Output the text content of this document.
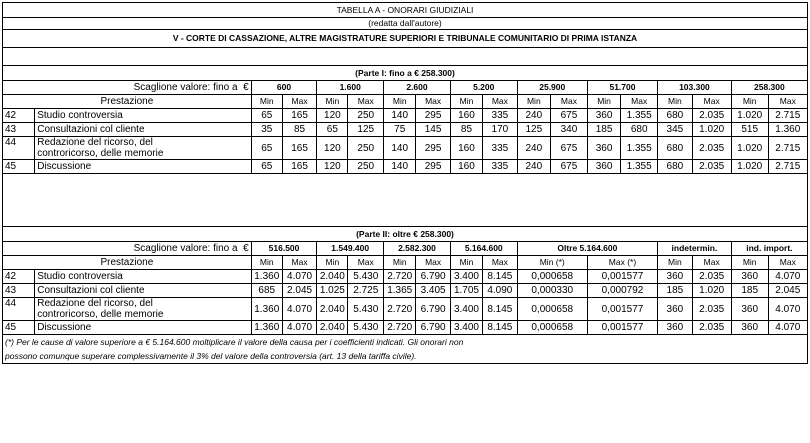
TABELLA A - ONORARI GIUDIZIALI																	
(redatta dall'autore)																	
V - CORTE DI CASSAZIONE, ALTRE MAGISTRATURE SUPERIORI E TRIBUNALE COMUNITARIO DI PRIMA ISTANZA																	

(Parte I: fino a € 258.300)																	
Scaglione valore: fino a €		600		1.600		2.600		5.200		25.900		51.700		103.300		258.300	
Prestazione		Min	Max	Min	Max	Min	Max	Min	Max	Min	Max	Min	Max	Min	Max	Min	Max
42	Studio controversia	65	165	120	250	140	295	160	335	240	675	360	1.355	680	2.035	1.020	2.715
43	Consultazioni col cliente	35	85	65	125	75	145	85	170	125	340	185	680	345	1.020	515	1.360
44	Redazione del ricorso, del
controricorso, delle memorie	65	165	120	250	140	295	160	335	240	675	360	1.355	680	2.035	1.020	2.715
45	Discussione	65	165	120	250	140	295	160	335	240	675	360	1.355	680	2.035	1.020	2.715

(Parte II: oltre € 258.300)																	
Scaglione valore: fino a €		516.500		1.549.400		2.582.300		5.164.600		Oltre 5.164.600				indetermin.		ind. import.	
Prestazione		Min	Max	Min	Max	Min	Max	Min	Max	Min (*)		Max (*)		Min	Max	Min	Max
42	Studio controversia	1.360	4.070	2.040	5.430	2.720	6.790	3.400	8.145	0,000658		0,001577		360	2.035	360	4.070
43	Consultazioni col cliente	685	2.045	1.025	2.725	1.365	3.405	1.705	4.090	0,000330		0,000792		185	1.020	185	2.045
44	Redazione del ricorso, del
controricorso, delle memorie	1.360	4.070	2.040	5.430	2.720	6.790	3.400	8.145	0,000658		0,001577		360	2.035	360	4.070
45	Discussione	1.360	4.070	2.040	5.430	2.720	6.790	3.400	8.145	0,000658		0,001577		360	2.035	360	4.070
(*) Per le cause di valore superiore a € 5.164.600 moltiplicare il valore della causa per i coefficienti indicati. Gli onorari non																	
possono comunque superare complessivamente il 3% del valore della controversia (art. 13 della tariffa civile).																	
